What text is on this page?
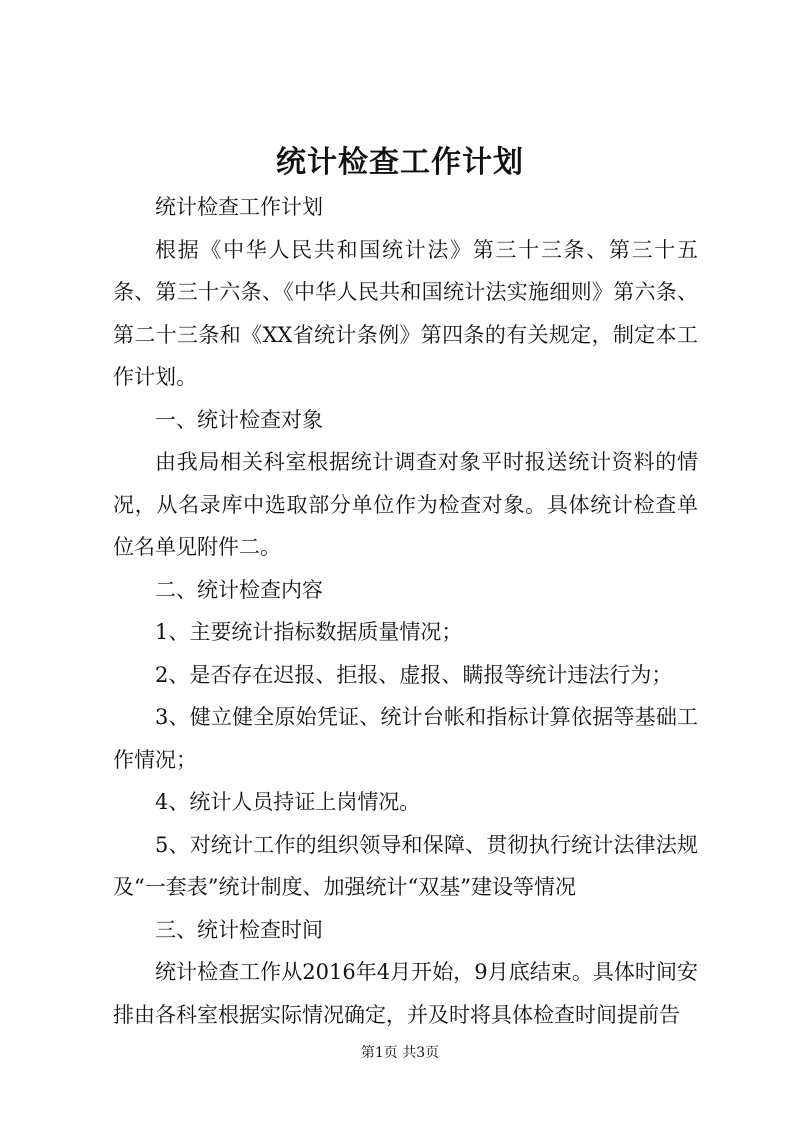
统计检查工作计划

统计检查工作计划

根据《中华人民共和国统计法》第三十三条、第三十五条、第三十六条、《中华人民共和国统计法实施细则》第六条、第二十三条和《XX省统计条例》第四条的有关规定，制定本工作计划。

一、统计检查对象

由我局相关科室根据统计调查对象平时报送统计资料的情况，从名录库中选取部分单位作为检查对象。具体统计检查单位名单见附件二。

二、统计检查内容

1、主要统计指标数据质量情况；

2、是否存在迟报、拒报、虚报、瞒报等统计违法行为；

3、健立健全原始凭证、统计台帐和指标计算依据等基础工作情况；

4、统计人员持证上岗情况。

5、对统计工作的组织领导和保障、贯彻执行统计法律法规及“一套表”统计制度、加强统计“双基”建设等情况

三、统计检查时间

统计检查工作从2016年4月开始，9月底结束。具体时间安排由各科室根据实际情况确定，并及时将具体检查时间提前告

第1页 共3页
